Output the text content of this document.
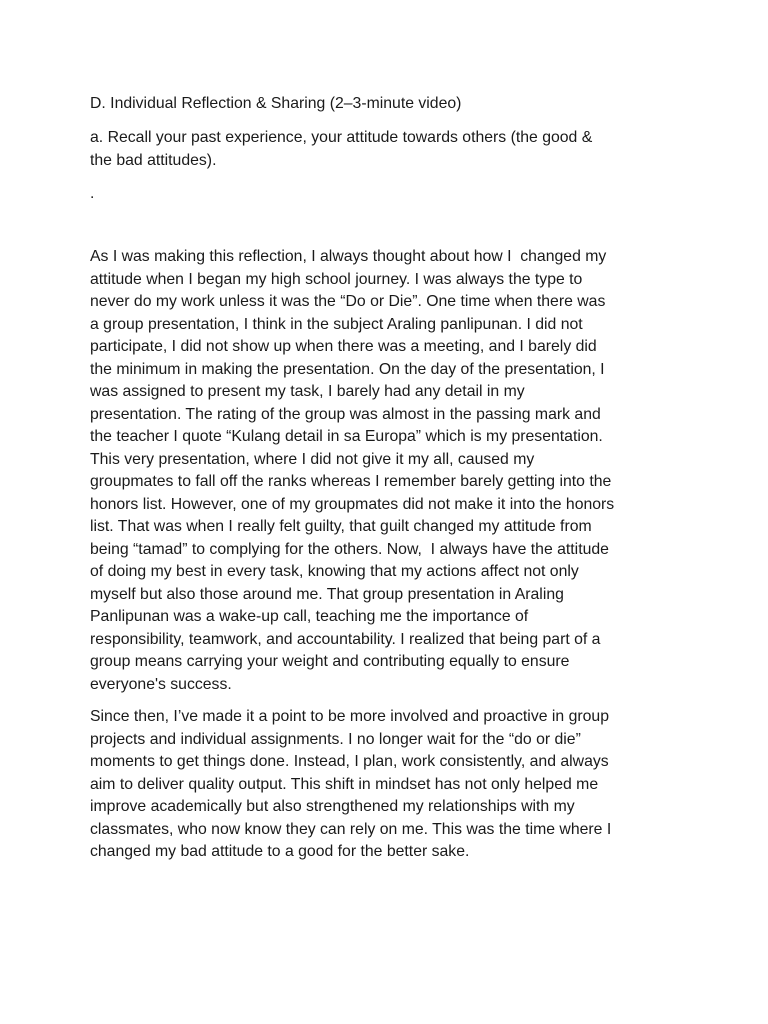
D. Individual Reflection & Sharing (2–3-minute video)

a. Recall your past experience, your attitude towards others (the good &
the bad attitudes).

.

As I was making this reflection, I always thought about how I  changed my
attitude when I began my high school journey. I was always the type to
never do my work unless it was the “Do or Die”. One time when there was
a group presentation, I think in the subject Araling panlipunan. I did not
participate, I did not show up when there was a meeting, and I barely did
the minimum in making the presentation. On the day of the presentation, I
was assigned to present my task, I barely had any detail in my
presentation. The rating of the group was almost in the passing mark and
the teacher I quote “Kulang detail in sa Europa” which is my presentation.
This very presentation, where I did not give it my all, caused my
groupmates to fall off the ranks whereas I remember barely getting into the
honors list. However, one of my groupmates did not make it into the honors
list. That was when I really felt guilty, that guilt changed my attitude from
being “tamad” to complying for the others. Now,  I always have the attitude
of doing my best in every task, knowing that my actions affect not only
myself but also those around me. That group presentation in Araling
Panlipunan was a wake-up call, teaching me the importance of
responsibility, teamwork, and accountability. I realized that being part of a
group means carrying your weight and contributing equally to ensure
everyone's success.

Since then, I’ve made it a point to be more involved and proactive in group
projects and individual assignments. I no longer wait for the “do or die”
moments to get things done. Instead, I plan, work consistently, and always
aim to deliver quality output. This shift in mindset has not only helped me
improve academically but also strengthened my relationships with my
classmates, who now know they can rely on me. This was the time where I
changed my bad attitude to a good for the better sake.
